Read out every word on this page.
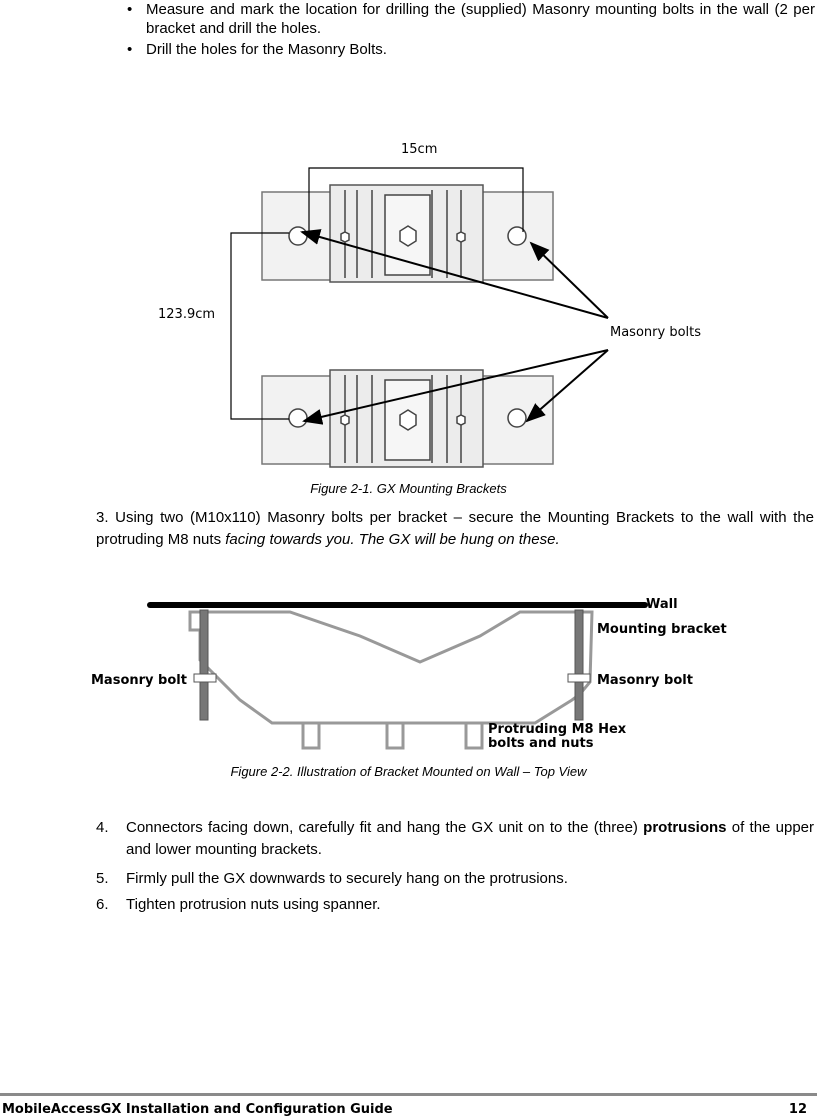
• Measure and mark the location for drilling the (supplied) Masonry mounting bolts in the wall (2 per bracket and drill the holes.
• Drill the holes for the Masonry Bolts.
15cm
123.9cm
Masonry bolts
Figure 2-1. GX Mounting Brackets
3. Using two (M10x110) Masonry bolts per bracket – secure the Mounting Brackets to the wall with the protruding M8 nuts facing towards you. The GX will be hung on these.
Wall
Mounting bracket
Masonry bolt	Masonry bolt
Protruding M8 Hex
bolts and nuts
Figure 2-2. Illustration of Bracket Mounted on Wall – Top View
4. Connectors facing down, carefully fit and hang the GX unit on to the (three) protrusions of the upper and lower mounting brackets.
5. Firmly pull the GX downwards to securely hang on the protrusions.
6. Tighten protrusion nuts using spanner.
MobileAccessGX Installation and Configuration Guide	12
